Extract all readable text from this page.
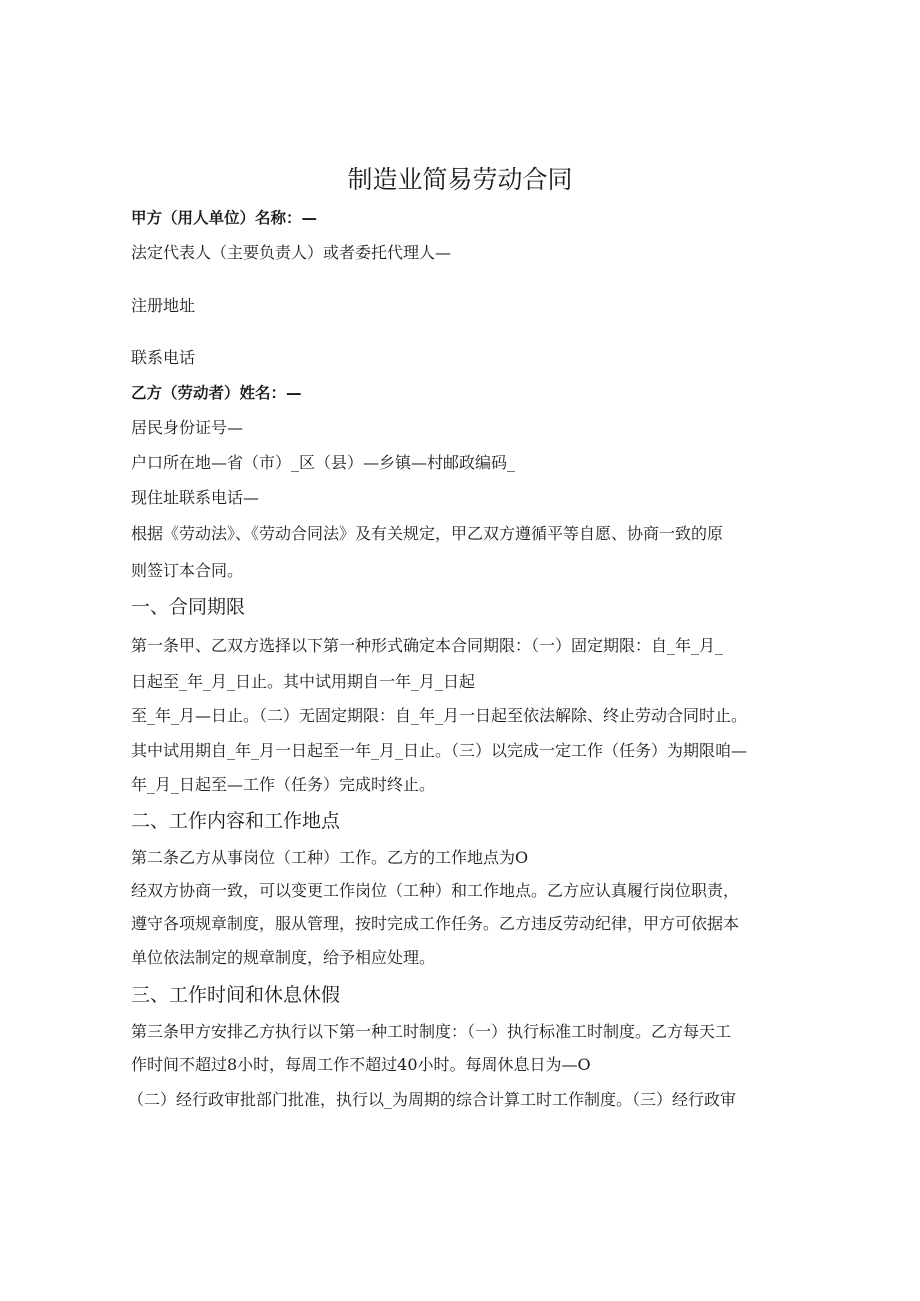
制造业简易劳动合同
甲方（用人单位）名称：—
法定代表人（主要负责人）或者委托代理人—
注册地址
联系电话
乙方（劳动者）姓名：—
居民身份证号—
户口所在地—省（市）_区（县）—乡镇—村邮政编码_
现住址联系电话—
根据《劳动法》、《劳动合同法》及有关规定，甲乙双方遵循平等自愿、协商一致的原
则签订本合同。
一、合同期限
第一条甲、乙双方选择以下第一种形式确定本合同期限：（一）固定期限：自_年_月_
日起至_年_月_日止。其中试用期自一年_月_日起
至_年_月—日止。（二）无固定期限：自_年_月一日起至依法解除、终止劳动合同时止。
其中试用期自_年_月一日起至一年_月_日止。（三）以完成一定工作（任务）为期限咱—
年_月_日起至—工作（任务）完成时终止。
二、工作内容和工作地点
第二条乙方从事岗位（工种）工作。乙方的工作地点为O
经双方协商一致，可以变更工作岗位（工种）和工作地点。乙方应认真履行岗位职责，
遵守各项规章制度，服从管理，按时完成工作任务。乙方违反劳动纪律，甲方可依据本
单位依法制定的规章制度，给予相应处理。
三、工作时间和休息休假
第三条甲方安排乙方执行以下第一种工时制度：（一）执行标准工时制度。乙方每天工
作时间不超过8小时，每周工作不超过40小时。每周休息日为—O
（二）经行政审批部门批准，执行以_为周期的综合计算工时工作制度。（三）经行政审
